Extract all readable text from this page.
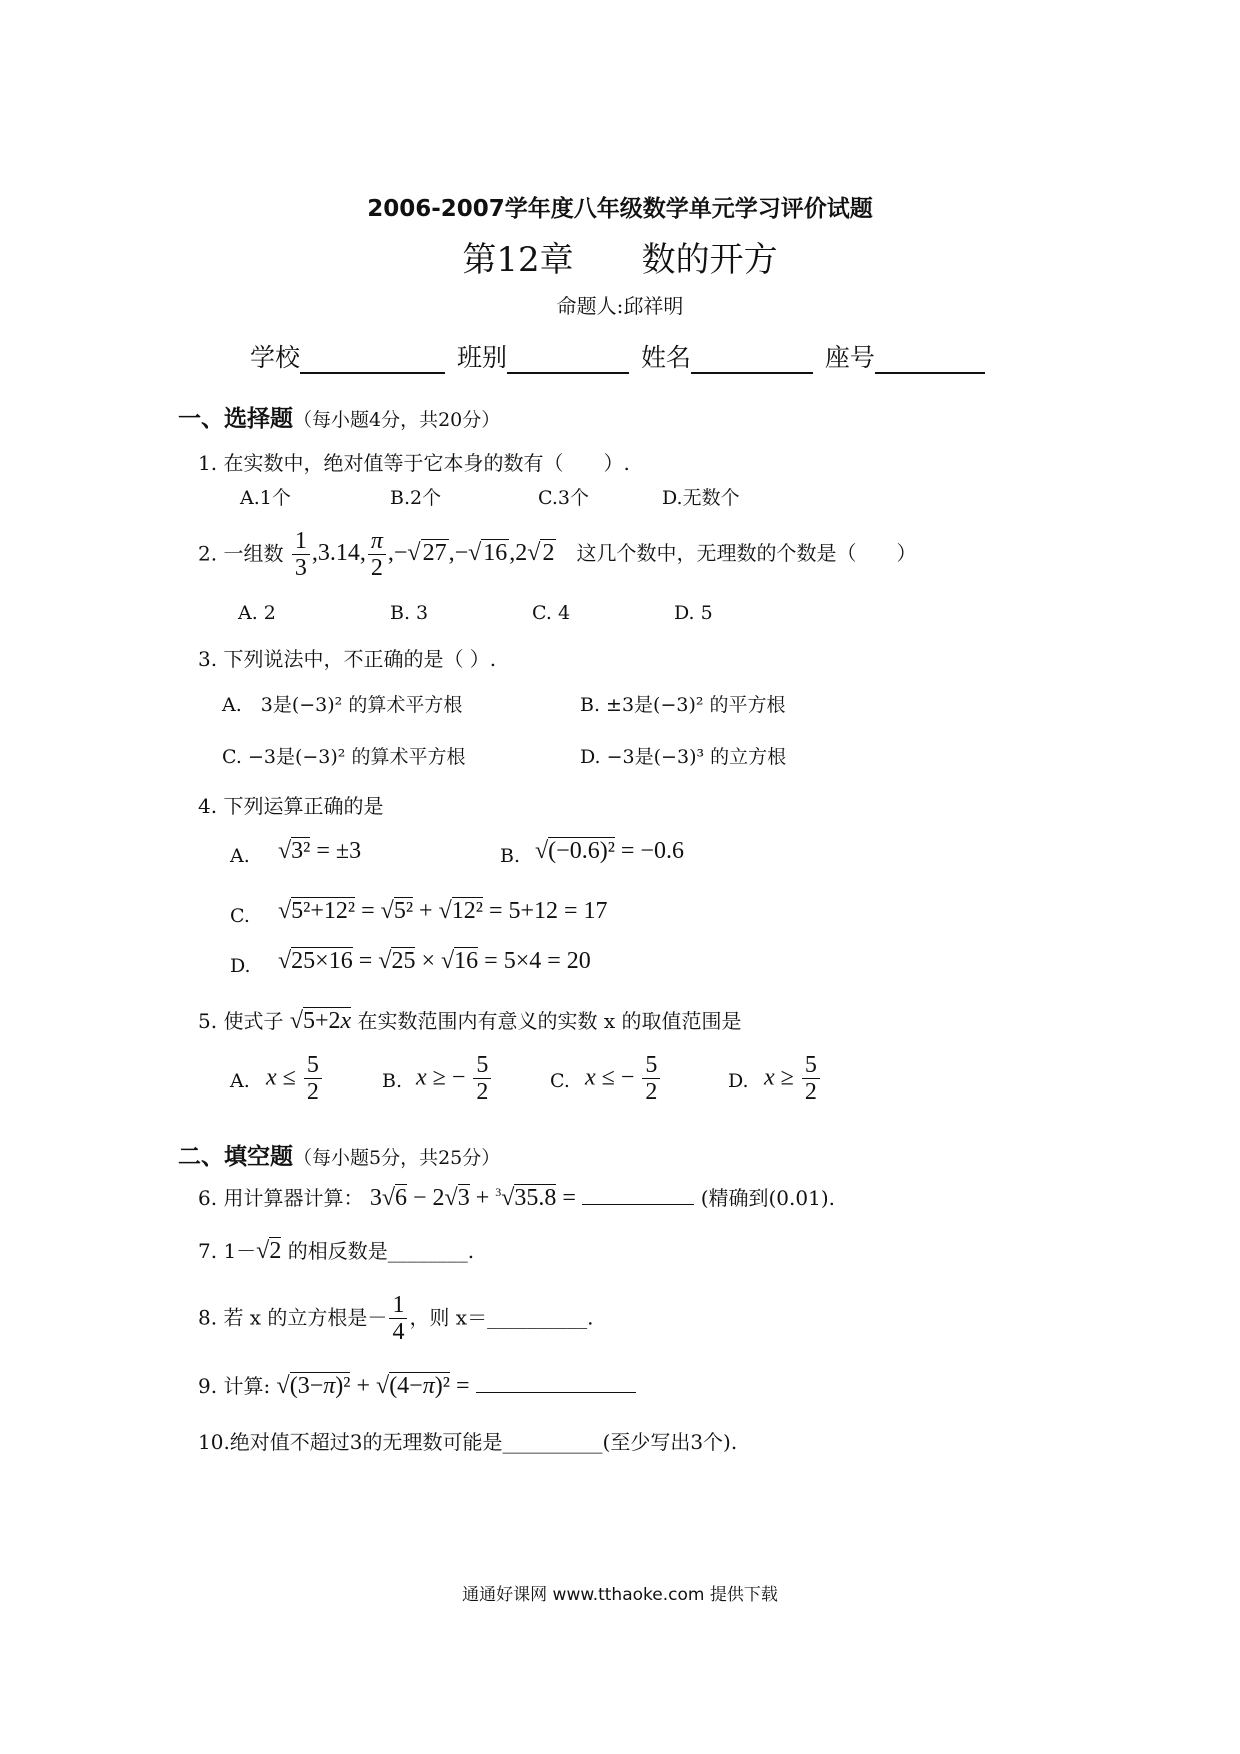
2006-2007学年度八年级数学单元学习评价试题
第12章　　数的开方
命题人:邱祥明
学校	班别	姓名	座号
一、选择题（每小题4分，共20分）
1. 在实数中，绝对值等于它本身的数有（　　）.
A.1个	B.2个	C.3个	D.无数个
2. 一组数 $\frac{1}{3} ,3.14$, $\frac{\pi}{2} ,-√27,-√16,2√2$ 这几个数中，无理数的个数是（　　）
A. 2	B. 3	C. 4	D. 5
3. 下列说法中，不正确的是（ ）.
A.　3是(−3)² 的算术平方根	B. ±3是(−3)² 的平方根
C. −3是(−3)² 的算术平方根	D. −3是(−3)³ 的立方根
4. 下列运算正确的是
A. √3² = ±3	B. √(−0.6)² = −0.6
C. √5²+12² = √5² + √12² = 5+12 = 17
D. √25×16 = √25 × √16 = 5×4 = 20
5. 使式子 √5+2x 在实数范围内有意义的实数 x 的取值范围是
A. $x \le \frac{5}{2}$	B. x ≥ − $\frac{5}{2}$	C. x ≤ − $\frac{5}{2}$	D. $x \ge \frac{5}{2}$
二、填空题（每小题5分，共25分）
6. 用计算器计算： 3√6 − 2√3 + $^3$√35.8 =	(精确到(0.01).
7. 1－√2 的相反数是________.
8. 若 x 的立方根是－ $\frac{1}{4}$ ，则 x＝__________.
9. 计算: √(3−π)² + √(4−π)² =
10.绝对值不超过3的无理数可能是__________(至少写出3个).
通通好课网 www.tthaoke.com 提供下载
